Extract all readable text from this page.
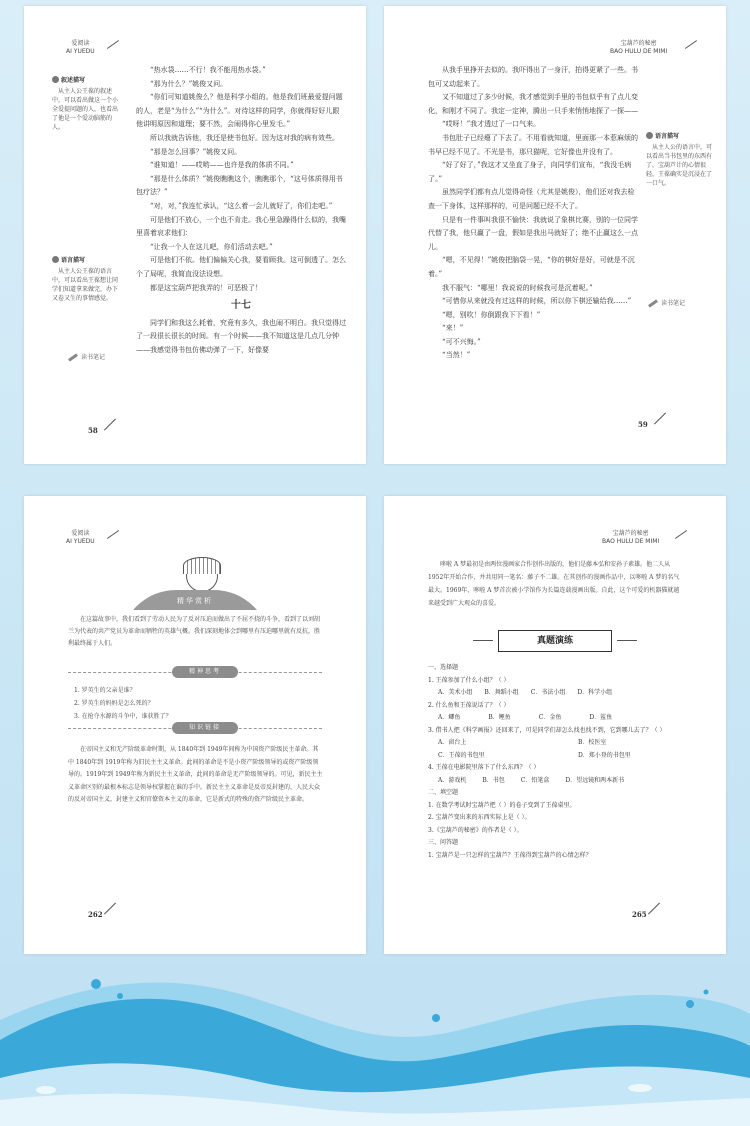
爱阅读
AI YUEDU
叙述描写
从主人公王葆的叙述中，可以看出做这一个小全爱提问题的人，也看出了他是一个爱动脑筋的人。
语言描写
从主人公王葆的语言中，可以看出王葆想让同学们知道拿来做完，办下又卷又生的事情感觉。
读书笔记

“热水袋……不行！我不能用热水袋。”

“那为什么？”姚俊又问。

“你们可知道姚俊么？他是科学小组的。他是我们班最爱提问题的人，老是“为什么”“为什么”。对待这样的同学，你就得好好儿跟他讲明原因和道理；要不然，会闹得你心里发毛。”

所以我就告诉他，我还是使书包好。因为这对我的病有效些。

“那是怎么回事？”姚俊又问。

“谁知道！——哎哟——也许是我的体质不同。”

“那是什么体质？”姚俊瞧瞧这个，瞧瞧那个，“这号体质得用书包疗法？”

“对，对，”我连忙承认，“这么着一会儿就好了，你们走吧。”

可是他们不放心，一个也不肯走。我心里急躁得什么似的，我嘴里喜着哀求他们：

“让我一个人在这儿吧，你们活动去吧。”

可是他们不依。他们偏偏关心我，要看顾我。这可倒透了。怎么个了局呢，我简直没法设想。

都是这宝葫芦把我弄的！可恶极了！

十七

同学们和我这么耗着，究竟有多久，我也闹不明白。我只觉得过了一段很长很长的时间。有一个时候——我不知道这是几点几分钟——我感觉得书包仿佛动弹了一下，好像要

58
宝葫芦的秘密
BAO HULU DE MIMI

从我手里挣开去似的。我吓得出了一身汗，拍得更紧了一些。书包可又动起来了。

又不知道过了多少时候，我才感觉到手里的书包似乎有了点儿变化，和刚才不同了。我定一定神，腾出一只手来悄悄地探了一探——

“哎呀！”我才透过了一口气来。

书包肚子已经瘪了下去了。不用看就知道，里面那一本惹麻烦的书早已经不见了。不光是书，那只猫呢，它好像也并没有了。

“好了好了，”我这才又坐直了身子，向同学们宣布，“我没毛病了。”

虽然同学们都有点儿觉得奇怪（尤其是姚俊），他们还对我去检查一下身体，这样那样的，可是问题已经不大了。

只是有一件事叫我很不愉快：我就说了象棋比赛，别的一位同学代替了我，他只赢了一盘，假如是我出马就好了；绝不止赢这么一点儿。

“嗯，不见得！”姚俊把脑袋一晃，“你的棋好是好，可就是不沉着。”

我不服气：“哪里！我说说的时候我可是沉着呢。”

“可惜你从来就没有过这样的时候，所以你下棋还输给我……”

“嗯，别吹！你倒跟我下下看！”

“来！”

“可不兴悔。”

“当然！”

语言描写
从主人公的语言中，可以看出当书包里的东西有了，宝葫芦计的心情很轻，王葆确实是沉浸在了一口气。
读书笔记
59
爱阅读
AI YUEDU
精华赏析

在这篇故事中，我们看到了劳动人民为了反对压迫而做出了不屈不挠的斗争，看到了以刘胡兰为代表的共产党员为革命而牺牲的英雄气概。我们深刻地体会到哪里有压迫哪里就有反抗，胜利最终属于人们。

精神思考

1. 罗英生的父亲是谁？

2. 罗英生的妈妈是怎么死的？

3. 在抢夺水源的斗争中，谁获胜了？

知识链接

在帝国主义和无产阶级革命时期，从 1840年到 1949年间称为中国资产阶级民主革命。其中 1840年到 1919年称为旧民主主义革命。此间的革命是不是小资产阶级领导的或资产阶级领导的。1919年到 1949年称为新民主主义革命，此间的革命是无产阶级领导的。可见，新民主主义革命区别的最根本标志是领导权掌握在谁的手中。新民主主义革命是反帝反封建的，人民大众的反对帝国主义，封建主义和官僚资本主义的革命，它是新式的特殊的资产阶级民主革命。

262
宝葫芦的秘密
BAO HULU DE MIMI

哆啦 A 梦最初是由两位漫画家合作创作出版的，他们是藤本弘和安孙子素雄。他二人从 1952年开始合作，并共用同一笔名：藤子不二雄。在其创作的漫画作品中，以哆啦 A 梦的名气最大。1969年，哆啦 A 梦首次被小学馆作为长篇连载漫画出版。自此，这个可爱的机器猫就越来越受到广大观众的喜爱。

真题演练

一、选择题

1. 王葆参加了什么小组？（ ）

A．美术小组 B．舞蹈小组 C．书法小组 D．科学小组

2. 什么鱼和王葆说话了？（ ）

A．鲫鱼	B．鲤鱼	C．金鱼	D．鲨鱼

3. 借书人把《科学画报》还回来了，可是同学们却怎么找也找不到，它到哪儿去了？（ ）

A．窗台上	B．校医室
C．王葆的书包里	D．郑小登的书包里

4. 王葆在电影院里落下了什么东西？（ ）

A．游戏机	B．书包	C．铅笔盒	D．望远镜和两本新书

二、填空题

1. 在数学考试时宝葫芦把（ ）的卷子变到了王葆桌里。

2. 宝葫芦变出来的东西实际上是（ ）。

3.《宝葫芦的秘密》的作者是（ ）。

三、问答题

1. 宝葫芦是一只怎样的宝葫芦？王葆得到宝葫芦的心情怎样？

265
